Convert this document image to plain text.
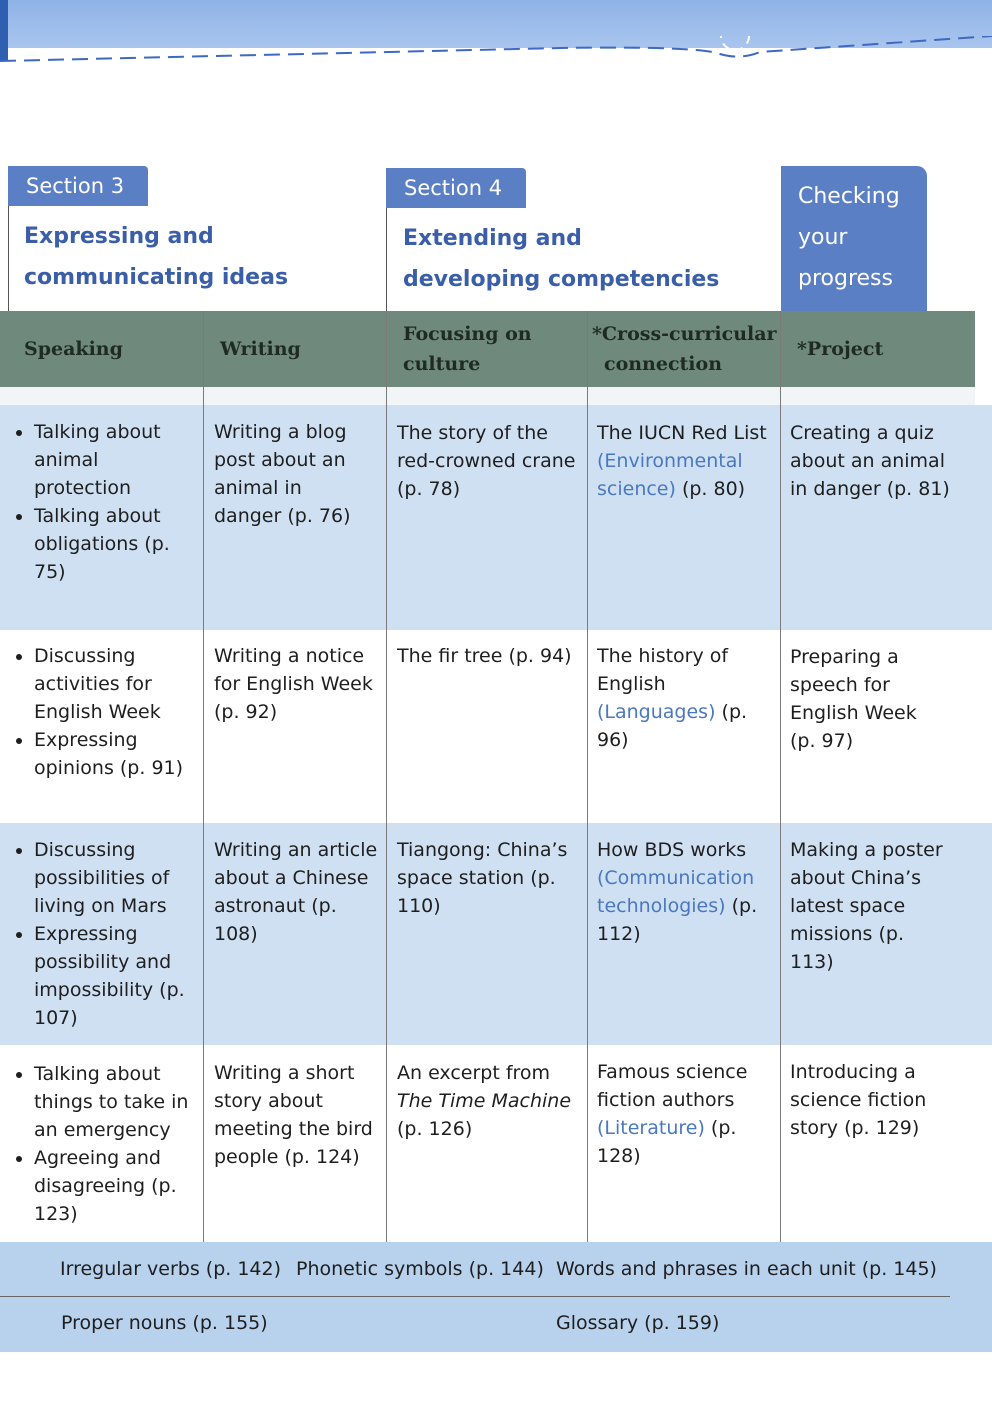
Section 3
Expressing and
communicating ideas
Section 4
Extending and
developing competencies
Checking
your
progress
Speaking	Writing
Focusing on
culture
*Cross-curricular
connection
*Project
• Talking about animal protection
• Talking about obligations (p. 75)
Writing a blog post about an animal in danger (p. 76)
The story of the red-crowned crane (p. 78)
The IUCN Red List (Environmental science) (p. 80)
Creating a quiz about an animal in danger (p. 81)
• Discussing activities for English Week
• Expressing opinions (p. 91)
Writing a notice for English Week (p. 92)
The fir tree (p. 94) The history of English (Languages) (p. 96)
Preparing a speech for English Week (p. 97)
• Discussing possibilities of living on Mars
• Expressing possibility and impossibility (p. 107)
Writing an article about a Chinese astronaut (p. 108)
Tiangong: China’s space station (p. 110)
How BDS works (Communication technologies) (p. 112)
Making a poster about China’s latest space missions (p. 113)
• Talking about things to take in an emergency
• Agreeing and disagreeing (p. 123)
Writing a short story about meeting the bird people (p. 124)
An excerpt from The Time Machine (p. 126)
Famous science fiction authors (Literature) (p. 128)
Introducing a science fiction story (p. 129)
Irregular verbs (p. 142) Phonetic symbols (p. 144) Words and phrases in each unit (p. 145)
Proper nouns (p. 155)	Glossary (p. 159)
